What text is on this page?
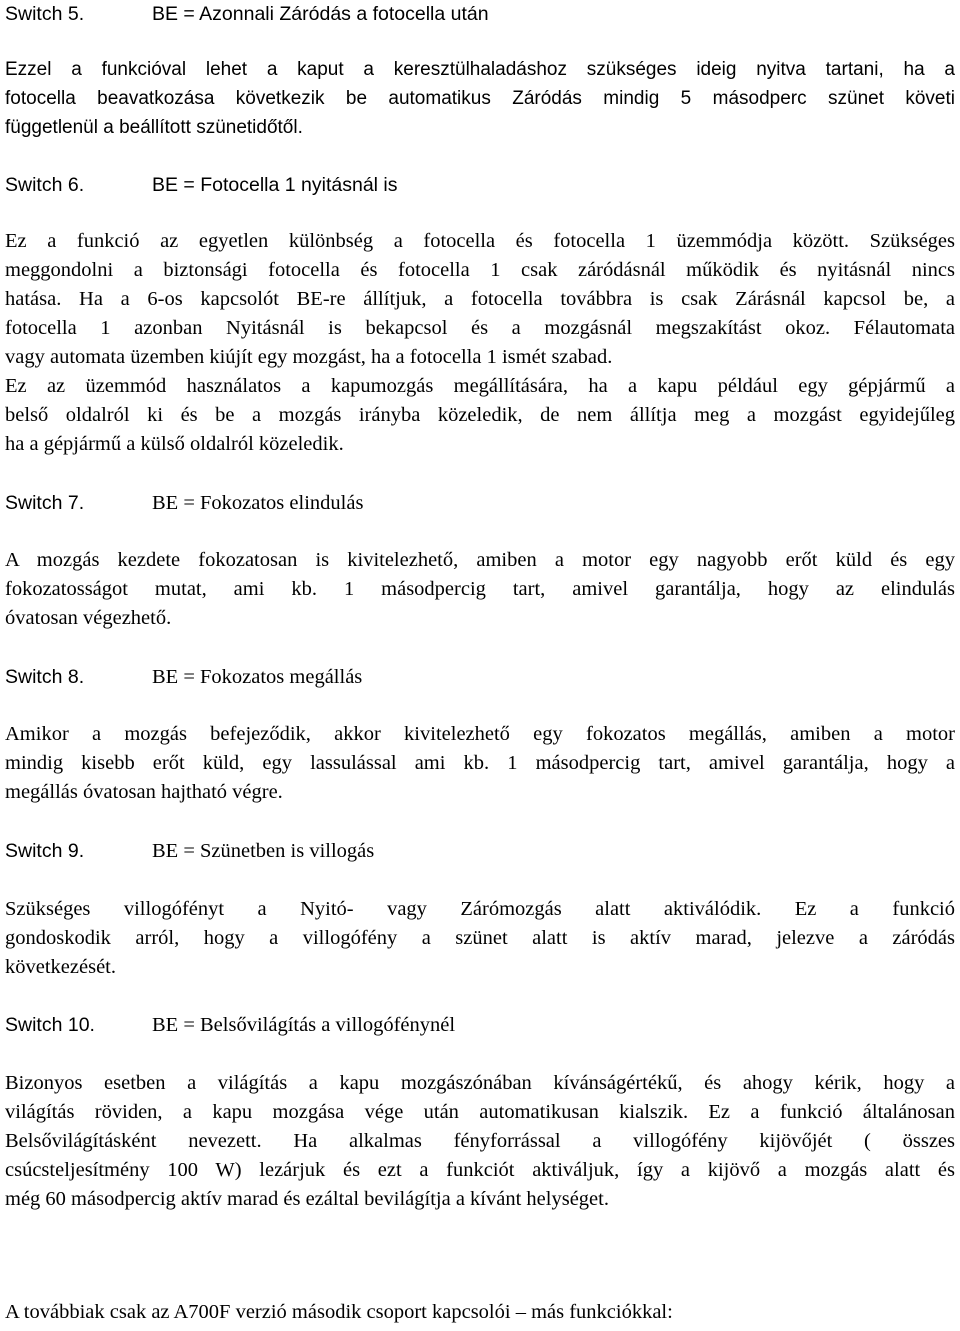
Switch 5.	BE = Azonnali Záródás a fotocella után
Ezzel a funkcióval lehet a kaput a keresztülhaladáshoz szükséges ideig nyitva tartani, ha a
fotocella beavatkozása következik be automatikus Záródás mindig 5 másodperc szünet követi
függetlenül a beállított szünetidőtől.
Switch 6.	BE = Fotocella 1 nyitásnál is
Ez a funkció az egyetlen különbség a fotocella és fotocella 1 üzemmódja között. Szükséges
meggondolni a biztonsági fotocella és fotocella 1 csak záródásnál működik és nyitásnál nincs
hatása. Ha a 6-os kapcsolót BE-re állítjuk, a fotocella továbbra is csak Zárásnál kapcsol be, a
fotocella 1 azonban Nyitásnál is bekapcsol és a mozgásnál megszakítást okoz. Félautomata
vagy automata üzemben kiújít egy mozgást, ha a fotocella 1 ismét szabad.
Ez az üzemmód használatos a kapumozgás megállítására, ha a kapu például egy gépjármű a
belső oldalról ki és be a mozgás irányba közeledik, de nem állítja meg a mozgást egyidejűleg
ha a gépjármű a külső oldalról közeledik.
Switch 7.	BE = Fokozatos elindulás
A mozgás kezdete fokozatosan is kivitelezhető, amiben a motor egy nagyobb erőt küld és egy
fokozatosságot mutat, ami kb. 1 másodpercig tart, amivel garantálja, hogy az elindulás
óvatosan végezhető.
Switch 8.	BE = Fokozatos megállás
Amikor a mozgás befejeződik, akkor kivitelezhető egy fokozatos megállás, amiben a motor
mindig kisebb erőt küld, egy lassulással ami kb. 1 másodpercig tart, amivel garantálja, hogy a
megállás óvatosan hajtható végre.
Switch 9.	BE = Szünetben is villogás
Szükséges villogófényt a Nyitó- vagy Zárómozgás alatt aktiválódik. Ez a funkció
gondoskodik arról, hogy a villogófény a szünet alatt is aktív marad, jelezve a záródás
következését.
Switch 10.	BE = Belsővilágítás a villogófénynél
Bizonyos esetben a világítás a kapu mozgászónában kívánságértékű, és ahogy kérik, hogy a
világítás röviden, a kapu mozgása vége után automatikusan kialszik. Ez a funkció általánosan
Belsővilágításként nevezett. Ha alkalmas fényforrással a villogófény kijövőjét ( összes
csúcsteljesítmény 100 W) lezárjuk és ezt a funkciót aktiváljuk, így a kijövő a mozgás alatt és
még 60 másodpercig aktív marad és ezáltal bevilágítja a kívánt helységet.
A továbbiak csak az A700F verzió második csoport kapcsolói – más funkciókkal:
